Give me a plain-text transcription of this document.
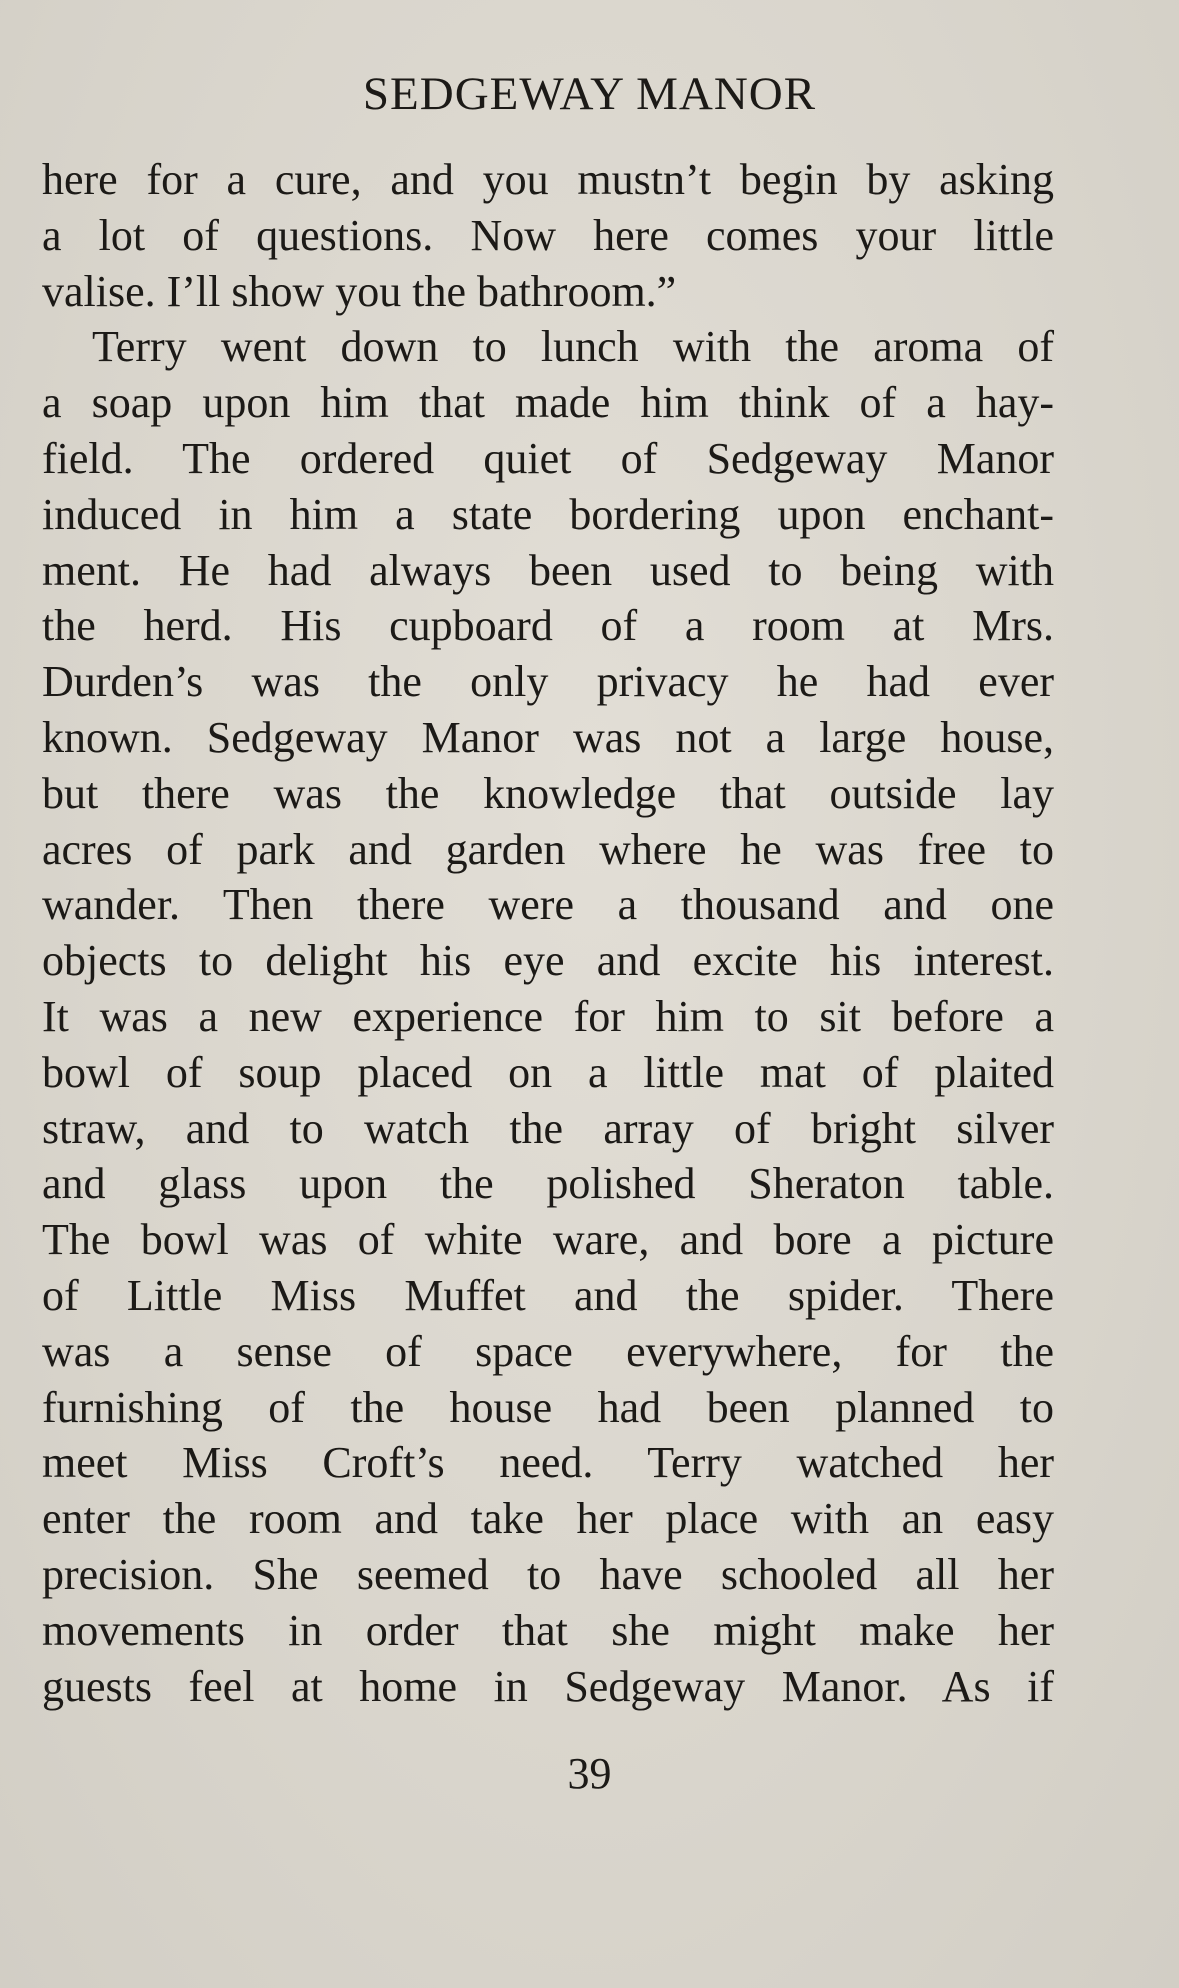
SEDGEWAY MANOR
here for a cure, and you mustn’t begin by asking
a lot of questions. Now here comes your little
valise. I’ll show you the bathroom.”
Terry went down to lunch with the aroma of
a soap upon him that made him think of a hay-
field. The ordered quiet of Sedgeway Manor
induced in him a state bordering upon enchant-
ment. He had always been used to being with
the herd. His cupboard of a room at Mrs.
Durden’s was the only privacy he had ever
known. Sedgeway Manor was not a large house,
but there was the knowledge that outside lay
acres of park and garden where he was free to
wander. Then there were a thousand and one
objects to delight his eye and excite his interest.
It was a new experience for him to sit before a
bowl of soup placed on a little mat of plaited
straw, and to watch the array of bright silver
and glass upon the polished Sheraton table.
The bowl was of white ware, and bore a picture
of Little Miss Muffet and the spider. There
was a sense of space everywhere, for the
furnishing of the house had been planned to
meet Miss Croft’s need. Terry watched her
enter the room and take her place with an easy
precision. She seemed to have schooled all her
movements in order that she might make her
guests feel at home in Sedgeway Manor. As if
39
